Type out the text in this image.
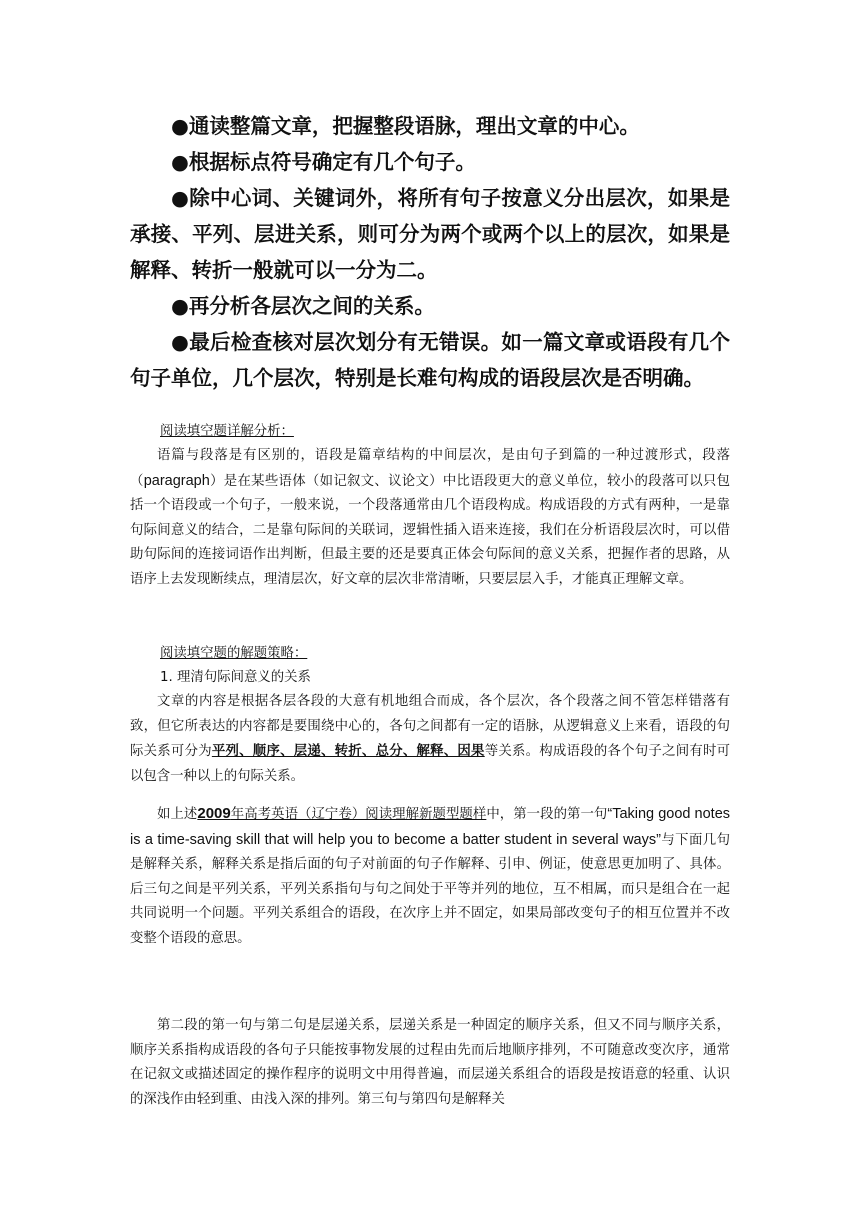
●通读整篇文章，把握整段语脉，理出文章的中心。

●根据标点符号确定有几个句子。

●除中心词、关键词外，将所有句子按意义分出层次，如果是承接、平列、层进关系，则可分为两个或两个以上的层次，如果是解释、转折一般就可以一分为二。

●再分析各层次之间的关系。

●最后检查核对层次划分有无错误。如一篇文章或语段有几个句子单位，几个层次，特别是长难句构成的语段层次是否明确。

阅读填空题详解分析：

语篇与段落是有区别的，语段是篇章结构的中间层次，是由句子到篇的一种过渡形式，段落（paragraph）是在某些语体（如记叙文、议论文）中比语段更大的意义单位，较小的段落可以只包括一个语段或一个句子，一般来说，一个段落通常由几个语段构成。构成语段的方式有两种，一是靠句际间意义的结合，二是靠句际间的关联词，逻辑性插入语来连接，我们在分析语段层次时，可以借助句际间的连接词语作出判断，但最主要的还是要真正体会句际间的意义关系，把握作者的思路，从语序上去发现断续点，理清层次，好文章的层次非常清晰，只要层层入手，才能真正理解文章。

阅读填空题的解题策略：

1. 理清句际间意义的关系

文章的内容是根据各层各段的大意有机地组合而成，各个层次，各个段落之间不管怎样错落有致，但它所表达的内容都是要围绕中心的，各句之间都有一定的语脉，从逻辑意义上来看，语段的句际关系可分为平列、顺序、层递、转折、总分、解释、因果等关系。构成语段的各个句子之间有时可以包含一种以上的句际关系。

如上述2009年高考英语（辽宁卷）阅读理解新题型题样中，第一段的第一句“Taking good notes is a time-saving skill that will help you to become a batter student in several ways”与下面几句是解释关系，解释关系是指后面的句子对前面的句子作解释、引申、例证，使意思更加明了、具体。后三句之间是平列关系，平列关系指句与句之间处于平等并列的地位，互不相属，而只是组合在一起共同说明一个问题。平列关系组合的语段，在次序上并不固定，如果局部改变句子的相互位置并不改变整个语段的意思。

第二段的第一句与第二句是层递关系，层递关系是一种固定的顺序关系，但又不同与顺序关系，顺序关系指构成语段的各句子只能按事物发展的过程由先而后地顺序排列，不可随意改变次序，通常在记叙文或描述固定的操作程序的说明文中用得普遍，而层递关系组合的语段是按语意的轻重、认识的深浅作由轻到重、由浅入深的排列。第三句与第四句是解释关
